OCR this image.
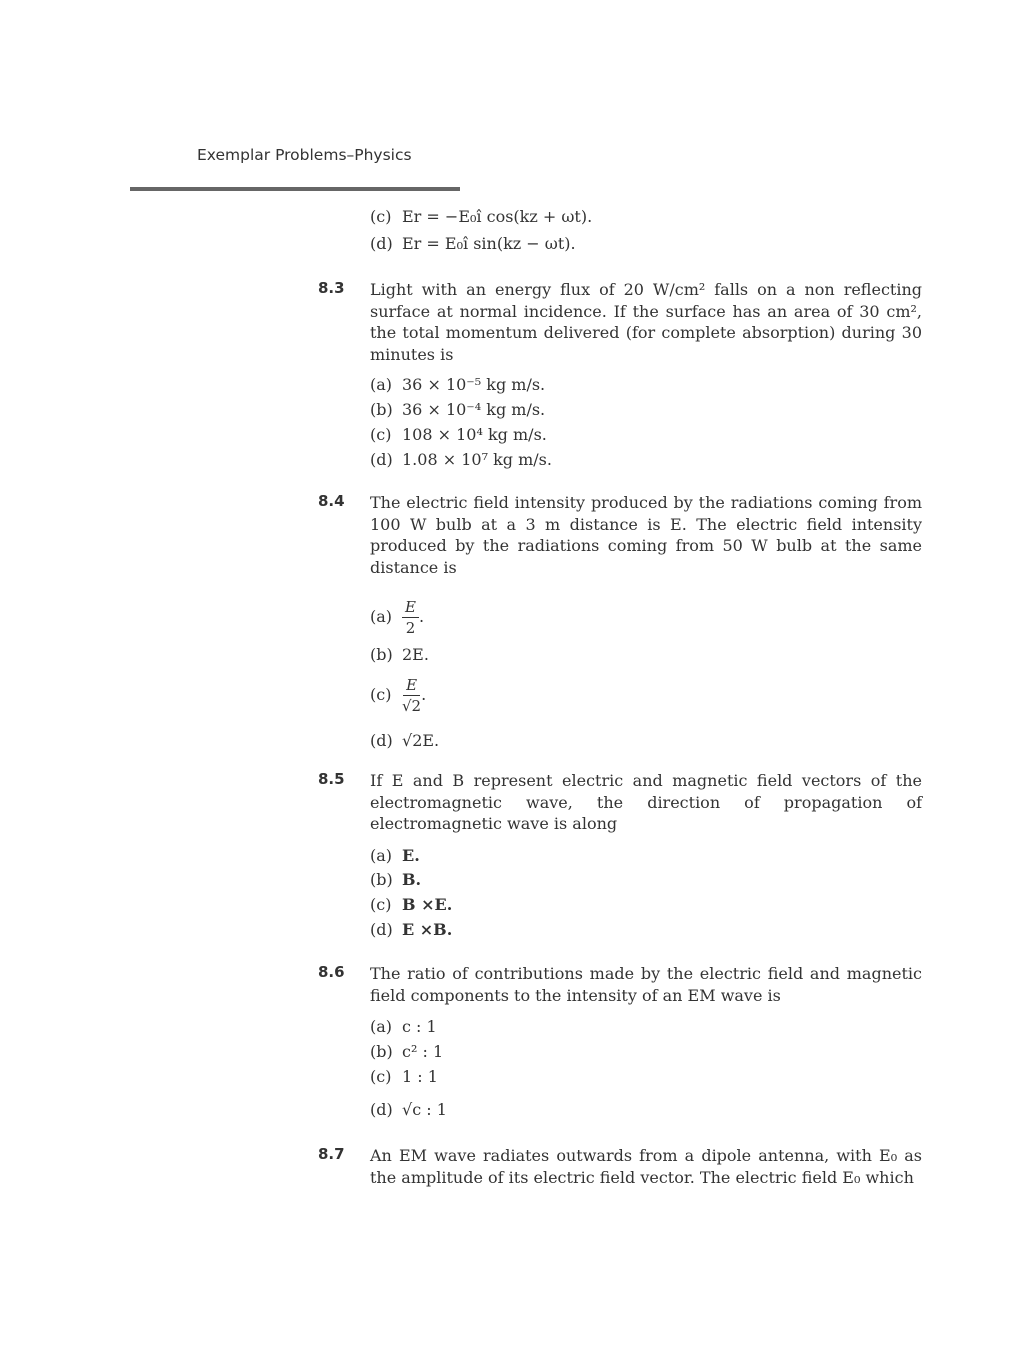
Exemplar Problems–Physics
(c) Er = −E₀î cos(kz + ωt).
(d) Er = E₀î sin(kz − ωt).
8.3 Light with an energy flux of 20 W/cm² falls on a non reflecting surface at normal incidence. If the surface has an area of 30 cm², the total momentum delivered (for complete absorption) during 30 minutes is
(a) 36 × 10⁻⁵ kg m/s.
(b) 36 × 10⁻⁴ kg m/s.
(c) 108 × 10⁴ kg m/s.
(d) 1.08 × 10⁷ kg m/s.
8.4 The electric field intensity produced by the radiations coming from 100 W bulb at a 3 m distance is E. The electric field intensity produced by the radiations coming from 50 W bulb at the same distance is
$(a) \frac{E}{2}$ .
(b) 2E.
$(c) \frac{E}{√2}$ .
(d) √2E.
8.5 If E and B represent electric and magnetic field vectors of the electromagnetic wave, the direction of propagation of electromagnetic wave is along
(a) E.
(b) B.
(c) B ×E.
(d) E ×B.
8.6 The ratio of contributions made by the electric field and magnetic field components to the intensity of an EM wave is
(a) c : 1
(b) c² : 1
(c) 1 : 1
(d) √c : 1
8.7 An EM wave radiates outwards from a dipole antenna, with E₀ as the amplitude of its electric field vector. The electric field E₀ which
